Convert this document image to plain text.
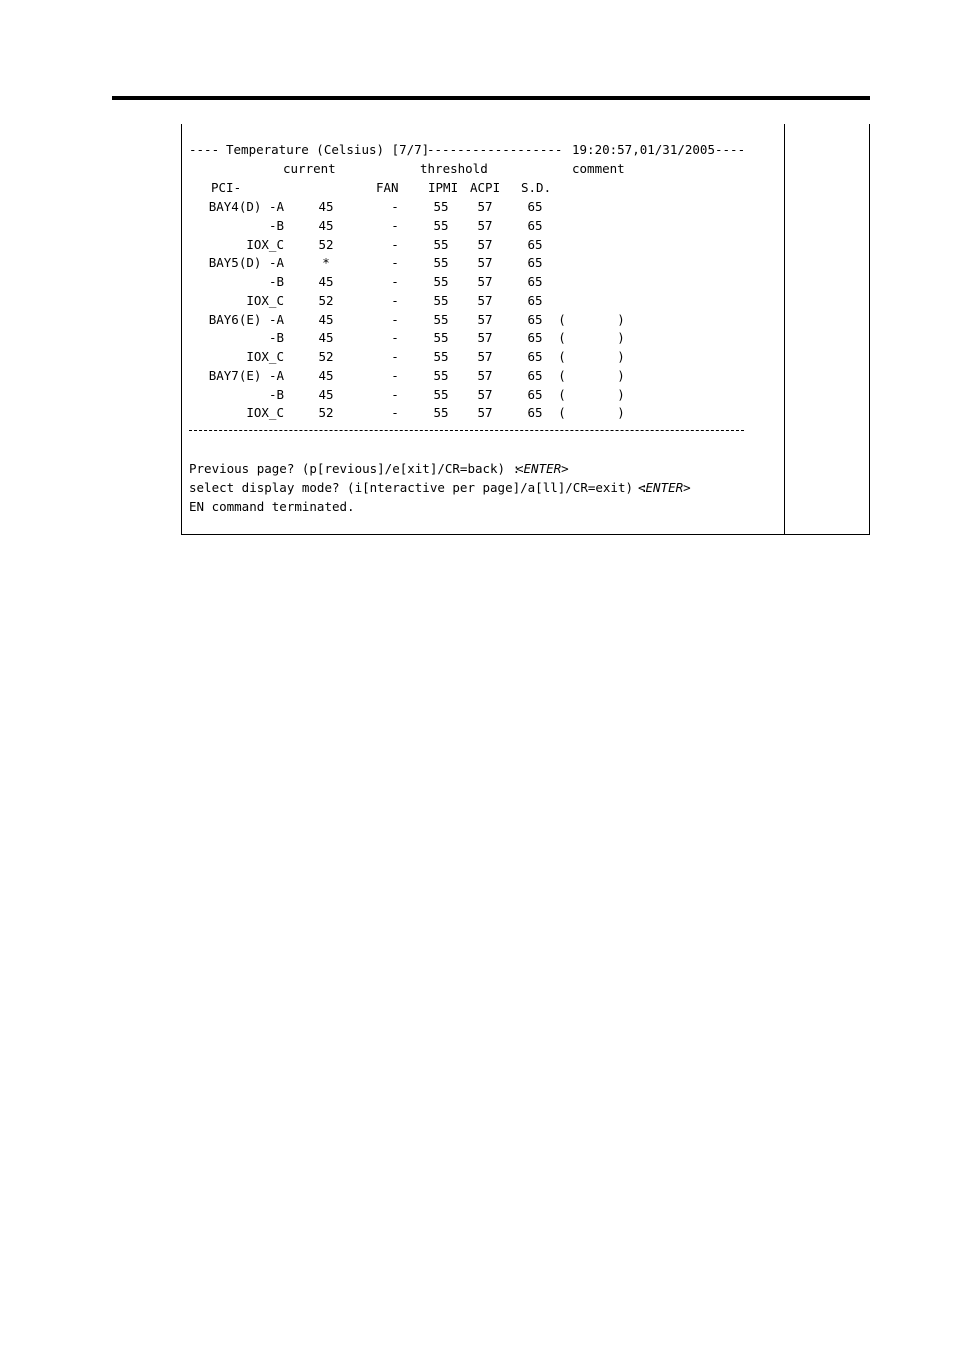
---- Temperature (Celsius) [7/7]
------------------ 19:20:57,01/31/2005 ----
current	threshold	comment
PCI-	FAN IPMI ACPI S.D.
BAY4(D) -A	45	-	55	57	65
-B	45	-	55	57	65
IOX_C	52	-	55	57	65
BAY5(D) -A	*	-	55	57	65
-B	45	-	55	57	65
IOX_C	52	-	55	57	65
BAY6(E) -A	45	-	55	57	65	(	)
-B	45	-	55	57	65	(	)
IOX_C	52	-	55	57	65	(	)
BAY7(E) -A	45	-	55	57	65	(	)
-B	45	-	55	57	65	(	)
IOX_C	52	-	55	57	65	(	)
Previous page? (p[revious]/e[xit]/CR=back) :
<ENTER>
select display mode? (i[nteractive per page]/a[ll]/CR=exit) :
<ENTER>
EN command terminated.
